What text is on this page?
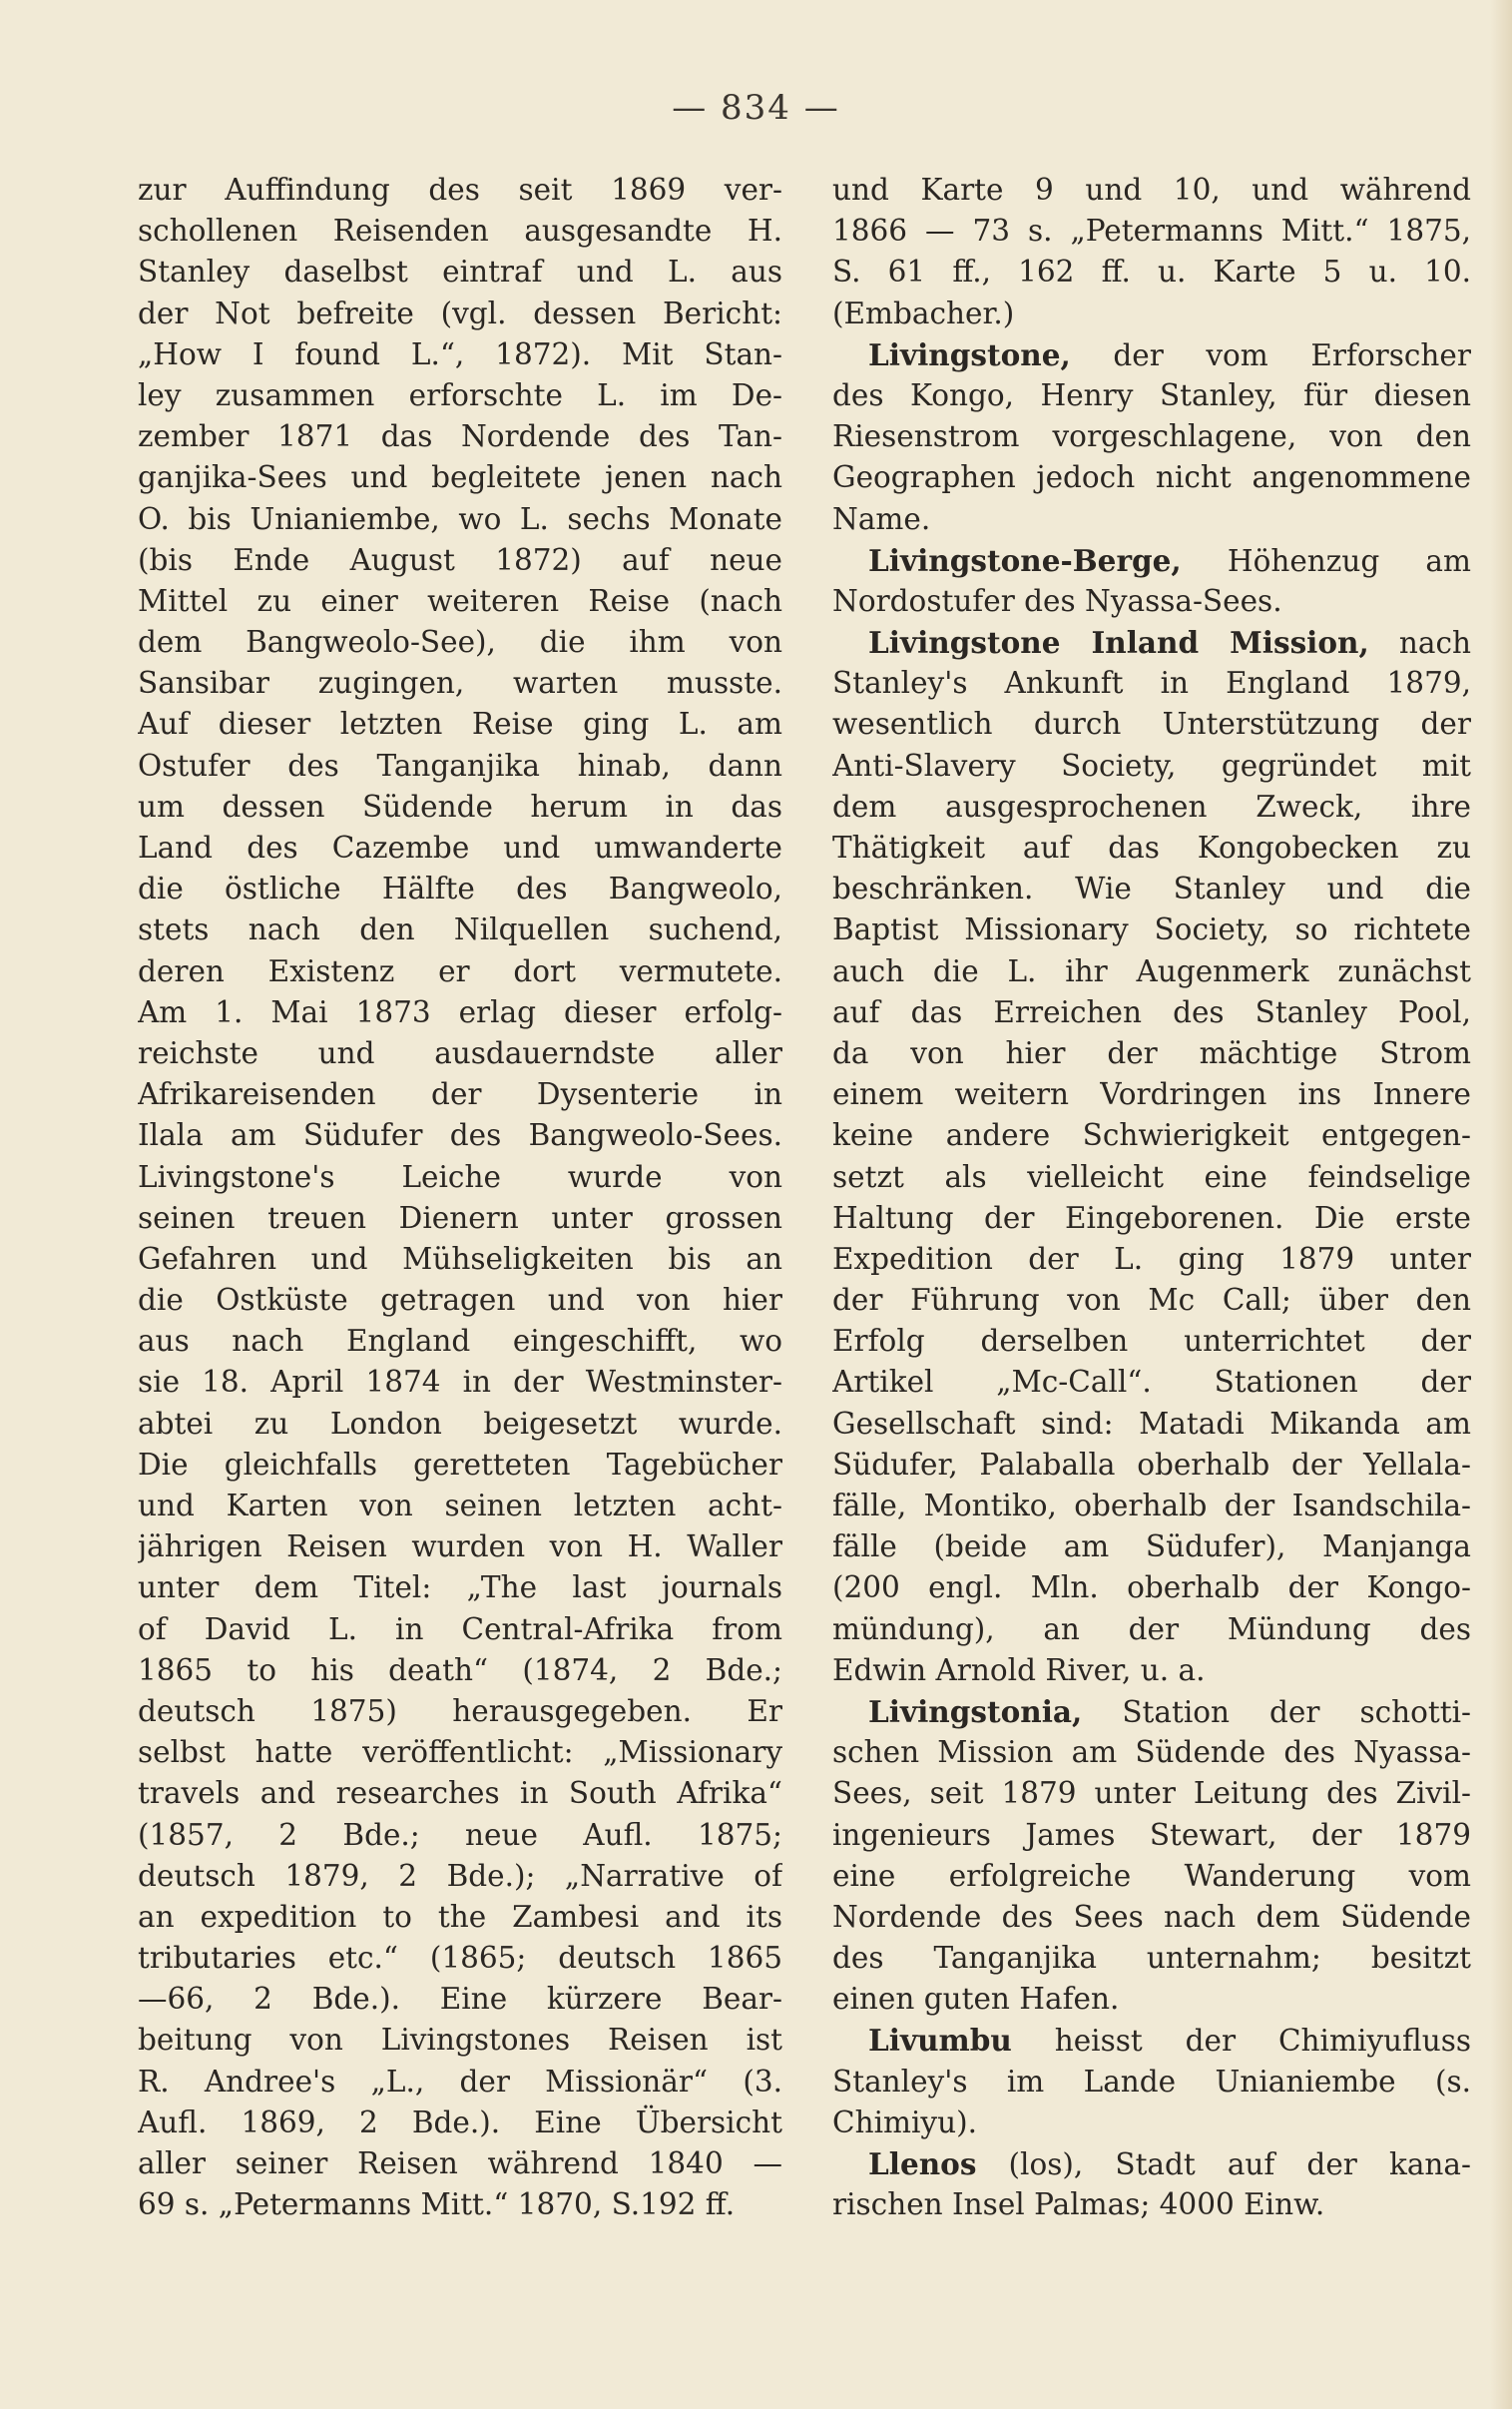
— 834 —
zur Auffindung des seit 1869 ver-
schollenen Reisenden ausgesandte H.
Stanley daselbst eintraf und L. aus
der Not befreite (vgl. dessen Bericht:
„How I found L.“, 1872). Mit Stan-
ley zusammen erforschte L. im De-
zember 1871 das Nordende des Tan-
ganjika-Sees und begleitete jenen nach
O. bis Unianiembe, wo L. sechs Monate
(bis Ende August 1872) auf neue
Mittel zu einer weiteren Reise (nach
dem Bangweolo-See), die ihm von
Sansibar zugingen, warten musste.
Auf dieser letzten Reise ging L. am
Ostufer des Tanganjika hinab, dann
um dessen Südende herum in das
Land des Cazembe und umwanderte
die östliche Hälfte des Bangweolo,
stets nach den Nilquellen suchend,
deren Existenz er dort vermutete.
Am 1. Mai 1873 erlag dieser erfolg-
reichste und ausdauerndste aller
Afrikareisenden der Dysenterie in
Ilala am Südufer des Bangweolo-Sees.
Livingstone's Leiche wurde von
seinen treuen Dienern unter grossen
Gefahren und Mühseligkeiten bis an
die Ostküste getragen und von hier
aus nach England eingeschifft, wo
sie 18. April 1874 in der Westminster-
abtei zu London beigesetzt wurde.
Die gleichfalls geretteten Tagebücher
und Karten von seinen letzten acht-
jährigen Reisen wurden von H. Waller
unter dem Titel: „The last journals
of David L. in Central-Afrika from
1865 to his death“ (1874, 2 Bde.;
deutsch 1875) herausgegeben. Er
selbst hatte veröffentlicht: „Missionary
travels and researches in South Afrika“
(1857, 2 Bde.; neue Aufl. 1875;
deutsch 1879, 2 Bde.); „Narrative of
an expedition to the Zambesi and its
tributaries etc.“ (1865; deutsch 1865
—66, 2 Bde.). Eine kürzere Bear-
beitung von Livingstones Reisen ist
R. Andree's „L., der Missionär“ (3.
Aufl. 1869, 2 Bde.). Eine Übersicht
aller seiner Reisen während 1840 —
69 s. „Petermanns Mitt.“ 1870, S.192 ff.
und Karte 9 und 10, und während
1866 — 73 s. „Petermanns Mitt.“ 1875,
S. 61 ff., 162 ff. u. Karte 5 u. 10.
(Embacher.)
Livingstone, der vom Erforscher
des Kongo, Henry Stanley, für diesen
Riesenstrom vorgeschlagene, von den
Geographen jedoch nicht angenommene
Name.
Livingstone-Berge, Höhenzug am
Nordostufer des Nyassa-Sees.
Livingstone Inland Mission, nach
Stanley's Ankunft in England 1879,
wesentlich durch Unterstützung der
Anti-Slavery Society, gegründet mit
dem ausgesprochenen Zweck, ihre
Thätigkeit auf das Kongobecken zu
beschränken. Wie Stanley und die
Baptist Missionary Society, so richtete
auch die L. ihr Augenmerk zunächst
auf das Erreichen des Stanley Pool,
da von hier der mächtige Strom
einem weitern Vordringen ins Innere
keine andere Schwierigkeit entgegen-
setzt als vielleicht eine feindselige
Haltung der Eingeborenen. Die erste
Expedition der L. ging 1879 unter
der Führung von Mc Call; über den
Erfolg derselben unterrichtet der
Artikel „Mc-Call“. Stationen der
Gesellschaft sind: Matadi Mikanda am
Südufer, Palaballa oberhalb der Yellala-
fälle, Montiko, oberhalb der Isandschila-
fälle (beide am Südufer), Manjanga
(200 engl. Mln. oberhalb der Kongo-
mündung), an der Mündung des
Edwin Arnold River, u. a.
Livingstonia, Station der schotti-
schen Mission am Südende des Nyassa-
Sees, seit 1879 unter Leitung des Zivil-
ingenieurs James Stewart, der 1879
eine erfolgreiche Wanderung vom
Nordende des Sees nach dem Südende
des Tanganjika unternahm; besitzt
einen guten Hafen.
Livumbu heisst der Chimiyufluss
Stanley's im Lande Unianiembe (s.
Chimiyu).
Llenos (los), Stadt auf der kana-
rischen Insel Palmas; 4000 Einw.
